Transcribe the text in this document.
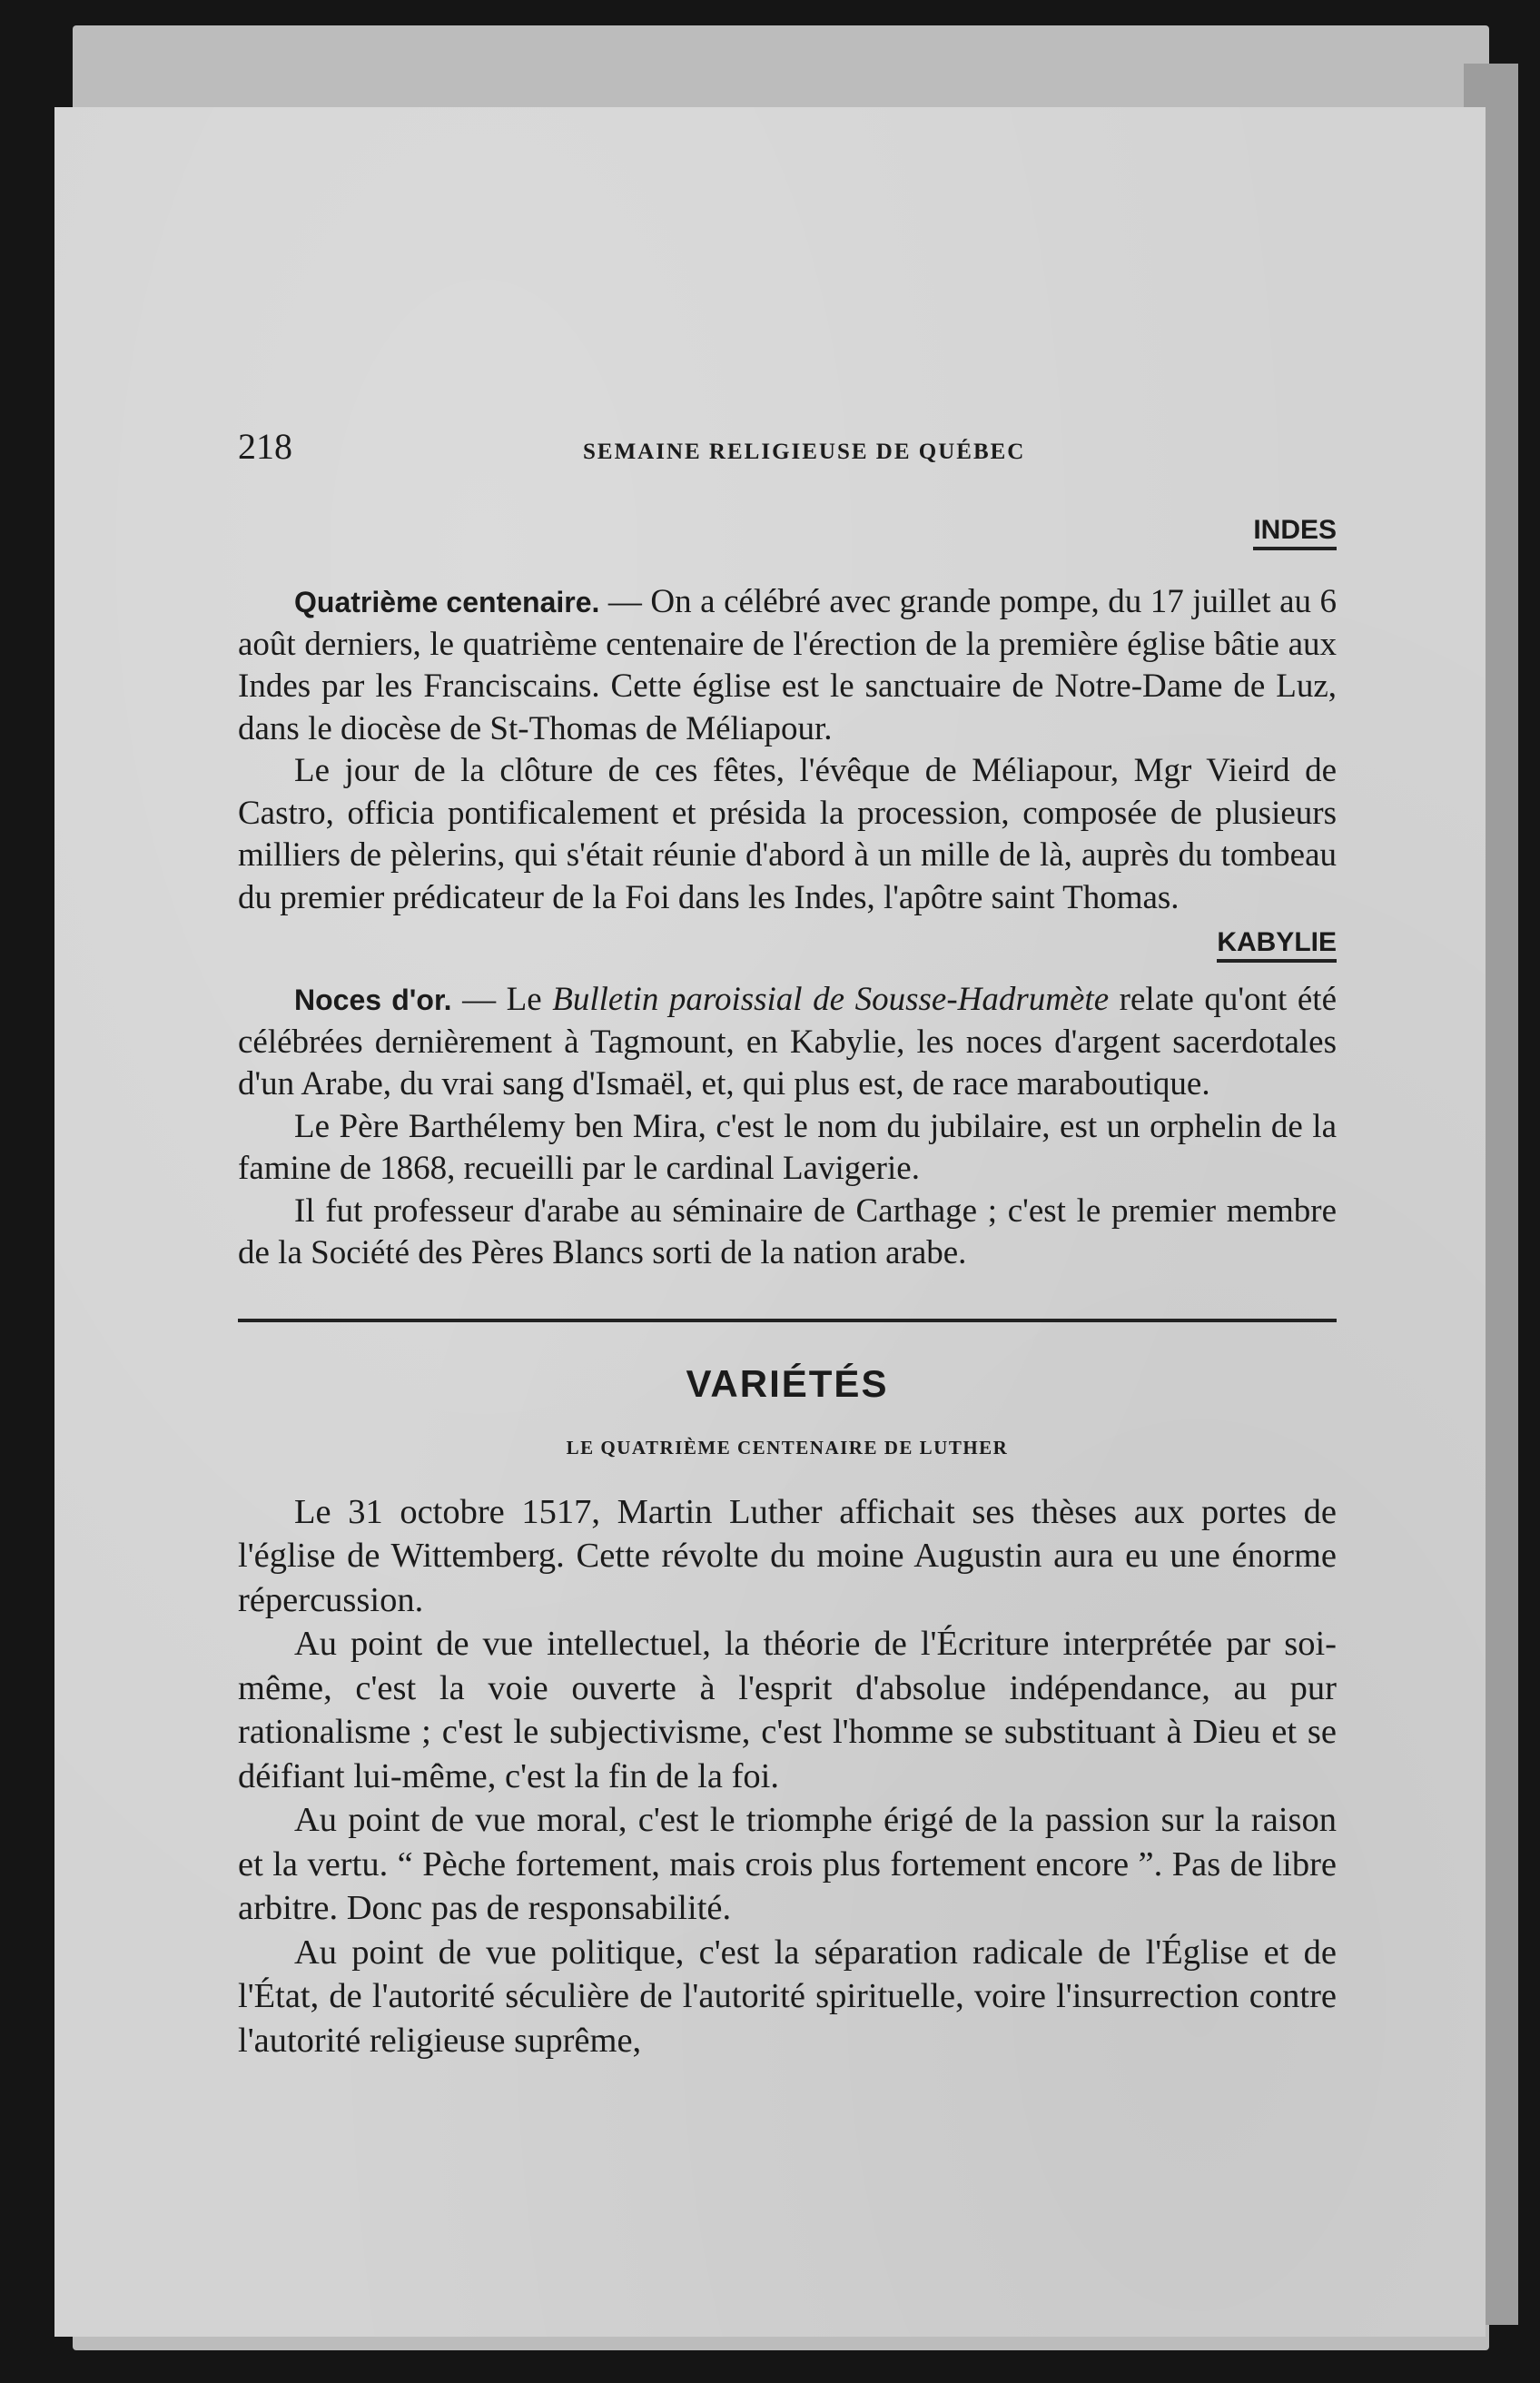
218	SEMAINE RELIGIEUSE DE QUÉBEC
INDES

Quatrième centenaire. — On a célébré avec grande pompe, du 17 juillet au 6 août derniers, le quatrième centenaire de l'érection de la première église bâtie aux Indes par les Franciscains. Cette église est le sanctuaire de Notre-Dame de Luz, dans le diocèse de St-Thomas de Méliapour.

Le jour de la clôture de ces fêtes, l'évêque de Méliapour, Mgr Vieird de Castro, officia pontificalement et présida la procession, composée de plusieurs milliers de pèlerins, qui s'était réunie d'abord à un mille de là, auprès du tombeau du premier prédicateur de la Foi dans les Indes, l'apôtre saint Thomas.

KABYLIE

Noces d'or. — Le Bulletin paroissial de Sousse-Hadrumète relate qu'ont été célébrées dernièrement à Tagmount, en Kabylie, les noces d'argent sacerdotales d'un Arabe, du vrai sang d'Ismaël, et, qui plus est, de race maraboutique.

Le Père Barthélemy ben Mira, c'est le nom du jubilaire, est un orphelin de la famine de 1868, recueilli par le cardinal Lavigerie.

Il fut professeur d'arabe au séminaire de Carthage ; c'est le premier membre de la Société des Pères Blancs sorti de la nation arabe.

VARIÉTÉS
LE QUATRIÈME CENTENAIRE DE LUTHER

Le 31 octobre 1517, Martin Luther affichait ses thèses aux portes de l'église de Wittemberg. Cette révolte du moine Augustin aura eu une énorme répercussion.

Au point de vue intellectuel, la théorie de l'Écriture interprétée par soi-même, c'est la voie ouverte à l'esprit d'absolue indépendance, au pur rationalisme ; c'est le subjectivisme, c'est l'homme se substituant à Dieu et se déifiant lui-même, c'est la fin de la foi.

Au point de vue moral, c'est le triomphe érigé de la passion sur la raison et la vertu. “ Pèche fortement, mais crois plus fortement encore ”. Pas de libre arbitre. Donc pas de responsabilité.

Au point de vue politique, c'est la séparation radicale de l'Église et de l'État, de l'autorité séculière de l'autorité spirituelle, voire l'insurrection contre l'autorité religieuse suprême,
